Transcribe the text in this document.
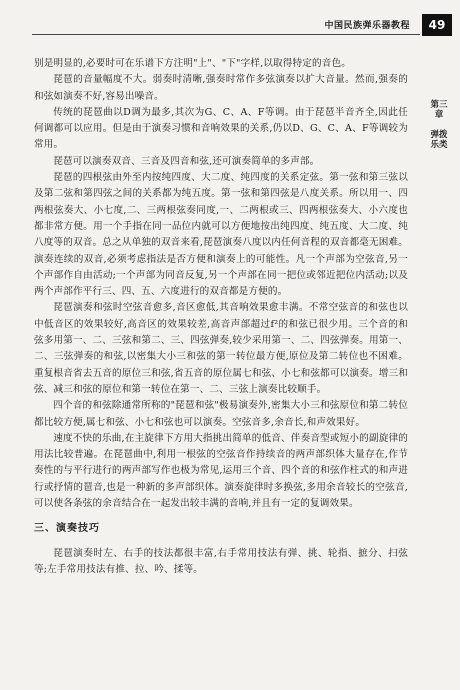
中国民族弹乐器教程	49
第三章
弹拨乐类

别是明显的,必要时可在乐谱下方注明"上"、"下"字样,以取得特定的音色。

琵琶的音量幅度不大。弱奏时清晰,强奏时常作多弦演奏以扩大音量。然而,强奏的和弦如演奏不好,容易出噪音。

传统的琵琶曲以D调为最多,其次为G、C、A、F等调。由于琵琶半音齐全,因此任何调都可以应用。但是由于演奏习惯和音响效果的关系,仍以D、G、C、A、F等调较为常用。

琵琶可以演奏双音、三音及四音和弦,还可演奏简单的多声部。

琵琶的四根弦由外至内按纯四度、大二度、纯四度的关系定弦。第一弦和第三弦以及第二弦和第四弦之间的关系都为纯五度。第一弦和第四弦是八度关系。所以用一、四两根弦奏大、小七度,二、三两根弦奏同度,一、二两根或三、四两根弦奏大、小六度也都非常方便。用一个手指在同一品位内就可以方便地按出纯四度、纯五度、大二度、纯八度等的双音。总之从单独的双音来看,琵琶演奏八度以内任何音程的双音都毫无困难。演奏连续的双音,必须考虑指法是否方便和演奏上的可能性。凡一个声部为空弦音,另一个声部作自由活动;一个声部为同音反复,另一个声部在同一把位或邻近把位内活动;以及两个声部作平行三、四、五、六度进行的双音都是方便的。

琵琶演奏和弦时空弦音愈多,音区愈低,其音响效果愈丰满。不常空弦音的和弦也以中低音区的效果较好,高音区的效果较差,高音声部超过f²的和弦已很少用。三个音的和弦多用第一、二、三弦和第二、三、四弦弹奏,较少采用第一、二、四弦弹奏。用第一、二、三弦弹奏的和弦,以密集大小三和弦的第一转位最方便,原位及第二转位也不困难。重复根音省去五音的原位三和弦,省五音的原位属七和弦、小七和弦都可以演奏。增三和弦、减三和弦的原位和第一转位在第一、二、三弦上演奏比较顺手。

四个音的和弦除通常所称的"琵琶和弦"极易演奏外,密集大小三和弦原位和第二转位都比较方便,属七和弦、小七和弦也可以演奏。空弦音多,余音长,和声效果好。

速度不快的乐曲,在主旋律下方用大指挑出简单的低音、伴奏音型或短小的副旋律的用法比较普遍。在琵琶曲中,利用一根弦的空弦音作持续音的两声部织体大量存在,作节奏性的与平行进行的两声部写作也极为常见,运用三个音、四个音的和弦作柱式的和声进行或抒情的琶音,也是一种新的多声部织体。演奏旋律时多换弦,多用余音较长的空弦音,可以使各条弦的余音结合在一起发出较丰满的音响,并且有一定的复调效果。

三、演奏技巧

琵琶演奏时左、右手的技法都很丰富,右手常用技法有弹、挑、轮指、摭分、扫弦等;左手常用技法有推、拉、吟、揉等。
